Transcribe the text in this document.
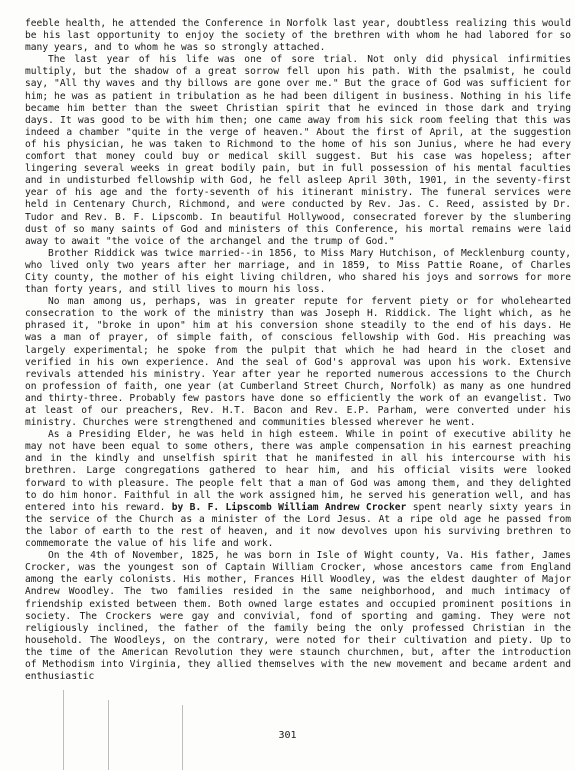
feeble health, he attended the Conference in Norfolk last year, doubtless realizing this would be his last opportunity to enjoy the society of the brethren with whom he had labored for so many years, and to whom he was so strongly attached.

The last year of his life was one of sore trial. Not only did physical infirmities multiply, but the shadow of a great sorrow fell upon his path. With the psalmist, he could say, "All thy waves and thy billows are gone over me." But the grace of God was sufficient for him; he was as patient in tribulation as he had been diligent in business. Nothing in his life became him better than the sweet Christian spirit that he evinced in those dark and trying days. It was good to be with him then; one came away from his sick room feeling that this was indeed a chamber "quite in the verge of heaven." About the first of April, at the suggestion of his physician, he was taken to Richmond to the home of his son Junius, where he had every comfort that money could buy or medical skill suggest. But his case was hopeless; after lingering several weeks in great bodily pain, but in full possession of his mental faculties and in undisturbed fellowship with God, he fell asleep April 30th, 1901, in the seventy-first year of his age and the forty-seventh of his itinerant ministry. The funeral services were held in Centenary Church, Richmond, and were conducted by Rev. Jas. C. Reed, assisted by Dr. Tudor and Rev. B. F. Lipscomb. In beautiful Hollywood, consecrated forever by the slumbering dust of so many saints of God and ministers of this Conference, his mortal remains were laid away to await "the voice of the archangel and the trump of God."

Brother Riddick was twice married--in 1856, to Miss Mary Hutchison, of Mecklenburg county, who lived only two years after her marriage, and in 1859, to Miss Pattie Roane, of Charles City county, the mother of his eight living children, who shared his joys and sorrows for more than forty years, and still lives to mourn his loss.

No man among us, perhaps, was in greater repute for fervent piety or for wholehearted consecration to the work of the ministry than was Joseph H. Riddick. The light which, as he phrased it, "broke in upon" him at his conversion shone steadily to the end of his days. He was a man of prayer, of simple faith, of conscious fellowship with God. His preaching was largely experimental; he spoke from the pulpit that which he had heard in the closet and verified in his own experience. And the seal of God's approval was upon his work. Extensive revivals attended his ministry. Year after year he reported numerous accessions to the Church on profession of faith, one year (at Cumberland Street Church, Norfolk) as many as one hundred and thirty-three. Probably few pastors have done so efficiently the work of an evangelist. Two at least of our preachers, Rev. H.T. Bacon and Rev. E.P. Parham, were converted under his ministry. Churches were strengthened and communities blessed wherever he went.

As a Presiding Elder, he was held in high esteem. While in point of executive ability he may not have been equal to some others, there was ample compensation in his earnest preaching and in the kindly and unselfish spirit that he manifested in all his intercourse with his brethren. Large congregations gathered to hear him, and his official visits were looked forward to with pleasure. The people felt that a man of God was among them, and they delighted to do him honor. Faithful in all the work assigned him, he served his generation well, and has entered into his reward. by B. F. Lipscomb William Andrew Crocker spent nearly sixty years in the service of the Church as a minister of the Lord Jesus. At a ripe old age he passed from the labor of earth to the rest of heaven, and it now devolves upon his surviving brethren to commemorate the value of his life and work.

On the 4th of November, 1825, he was born in Isle of Wight county, Va. His father, James Crocker, was the youngest son of Captain William Crocker, whose ancestors came from England among the early colonists. His mother, Frances Hill Woodley, was the eldest daughter of Major Andrew Woodley. The two families resided in the same neighborhood, and much intimacy of friendship existed between them. Both owned large estates and occupied prominent positions in society. The Crockers were gay and convivial, fond of sporting and gaming. They were not religiously inclined, the father of the family being the only professed Christian in the household. The Woodleys, on the contrary, were noted for their cultivation and piety. Up to the time of the American Revolution they were staunch churchmen, but, after the introduction of Methodism into Virginia, they allied themselves with the new movement and became ardent and enthusiastic

301
